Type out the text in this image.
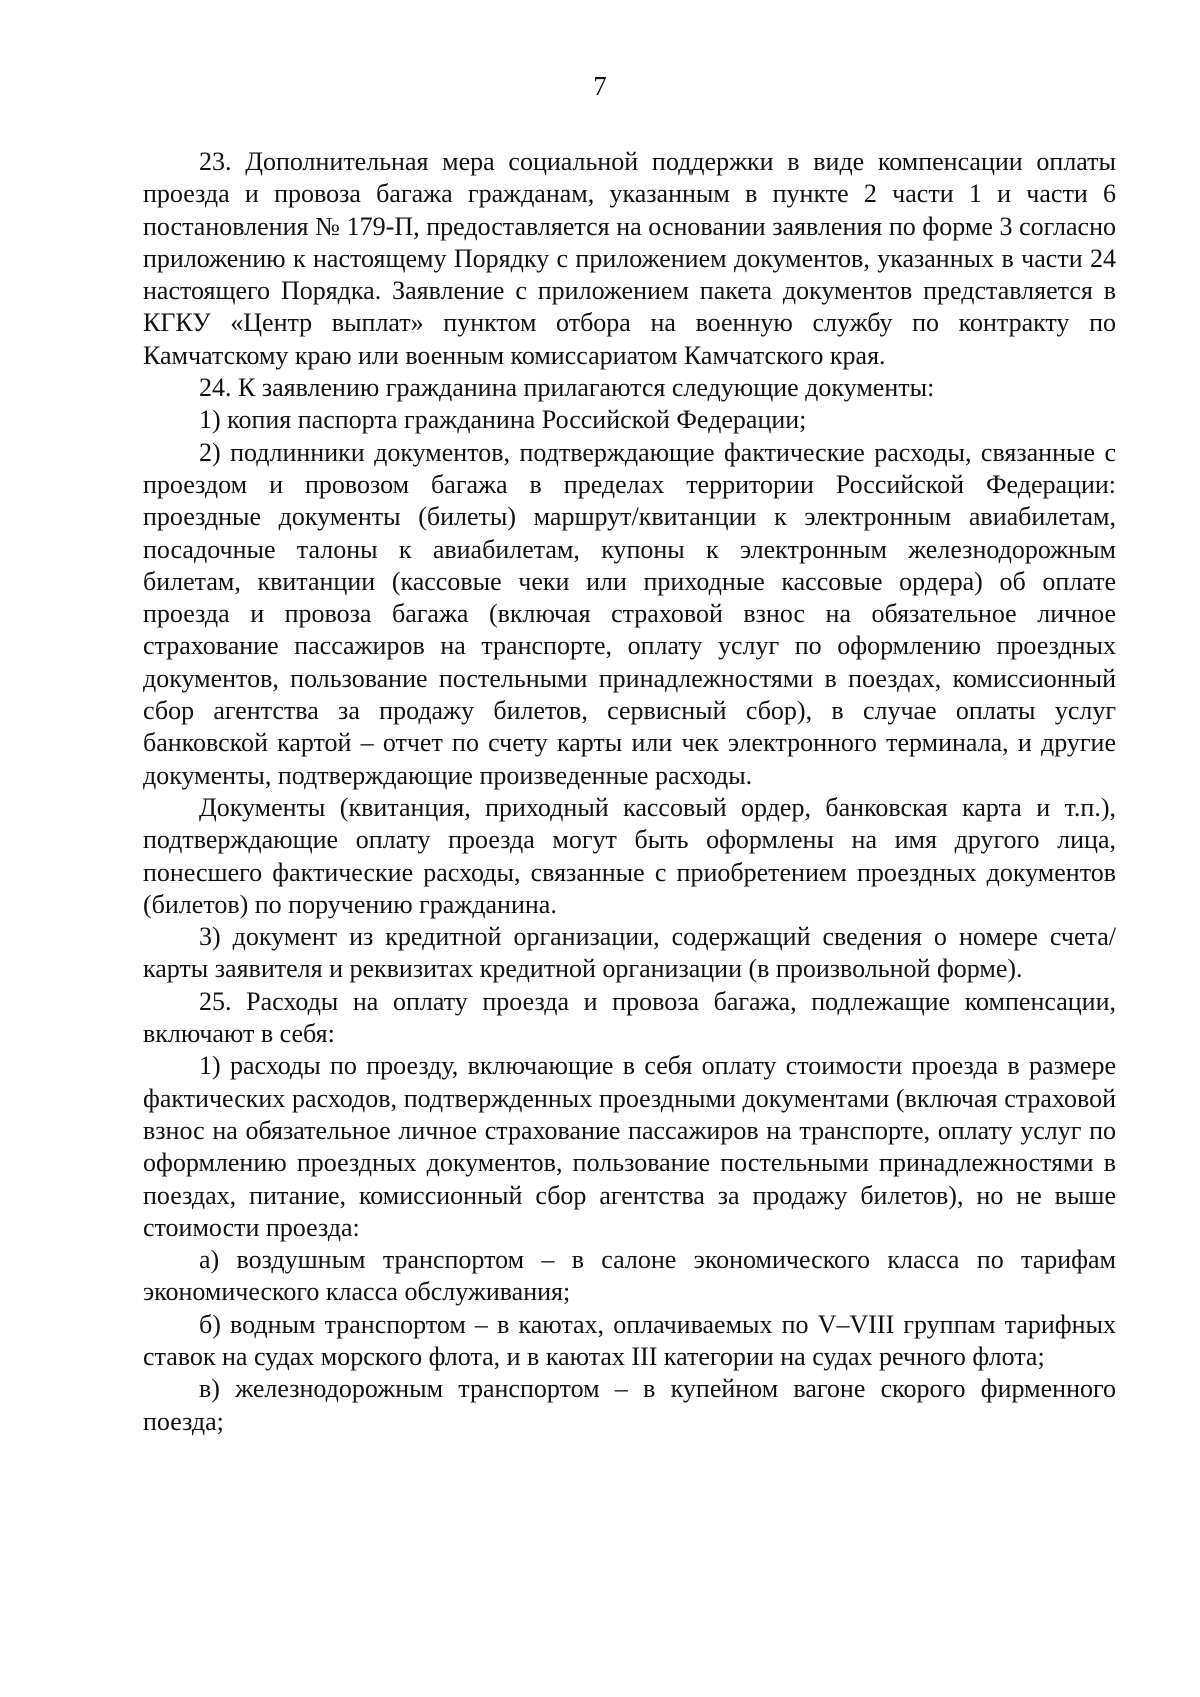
7

23. Дополнительная мера социальной поддержки в виде компенсации оплаты проезда и провоза багажа гражданам, указанным в пункте 2 части 1 и части 6 постановления № 179-П, предоставляется на основании заявления по форме 3 согласно приложению к настоящему Порядку с приложением документов, указанных в части 24 настоящего Порядка. Заявление с приложением пакета документов представляется в КГКУ «Центр выплат» пунктом отбора на военную службу по контракту по Камчатскому краю или военным комиссариатом Камчатского края.

24. К заявлению гражданина прилагаются следующие документы:

1) копия паспорта гражданина Российской Федерации;

2) подлинники документов, подтверждающие фактические расходы, связанные с проездом и провозом багажа в пределах территории Российской Федерации: проездные документы (билеты) маршрут/квитанции к электронным авиабилетам, посадочные талоны к авиабилетам, купоны к электронным железнодорожным билетам, квитанции (кассовые чеки или приходные кассовые ордера) об оплате проезда и провоза багажа (включая страховой взнос на обязательное личное страхование пассажиров на транспорте, оплату услуг по оформлению проездных документов, пользование постельными принадлежностями в поездах, комиссионный сбор агентства за продажу билетов, сервисный сбор), в случае оплаты услуг банковской картой – отчет по счету карты или чек электронного терминала, и другие документы, подтверждающие произведенные расходы.

Документы (квитанция, приходный кассовый ордер, банковская карта и т.п.), подтверждающие оплату проезда могут быть оформлены на имя другого лица, понесшего фактические расходы, связанные с приобретением проездных документов (билетов) по поручению гражданина.

3) документ из кредитной организации, содержащий сведения о номере счета/карты заявителя и реквизитах кредитной организации (в произвольной форме).

25. Расходы на оплату проезда и провоза багажа, подлежащие компенсации, включают в себя:

1) расходы по проезду, включающие в себя оплату стоимости проезда в размере фактических расходов, подтвержденных проездными документами (включая страховой взнос на обязательное личное страхование пассажиров на транспорте, оплату услуг по оформлению проездных документов, пользование постельными принадлежностями в поездах, питание, комиссионный сбор агентства за продажу билетов), но не выше стоимости проезда:

а) воздушным транспортом – в салоне экономического класса по тарифам экономического класса обслуживания;

б) водным транспортом – в каютах, оплачиваемых по V–VIII группам тарифных ставок на судах морского флота, и в каютах III категории на судах речного флота;

в) железнодорожным транспортом – в купейном вагоне скорого фирменного поезда;
